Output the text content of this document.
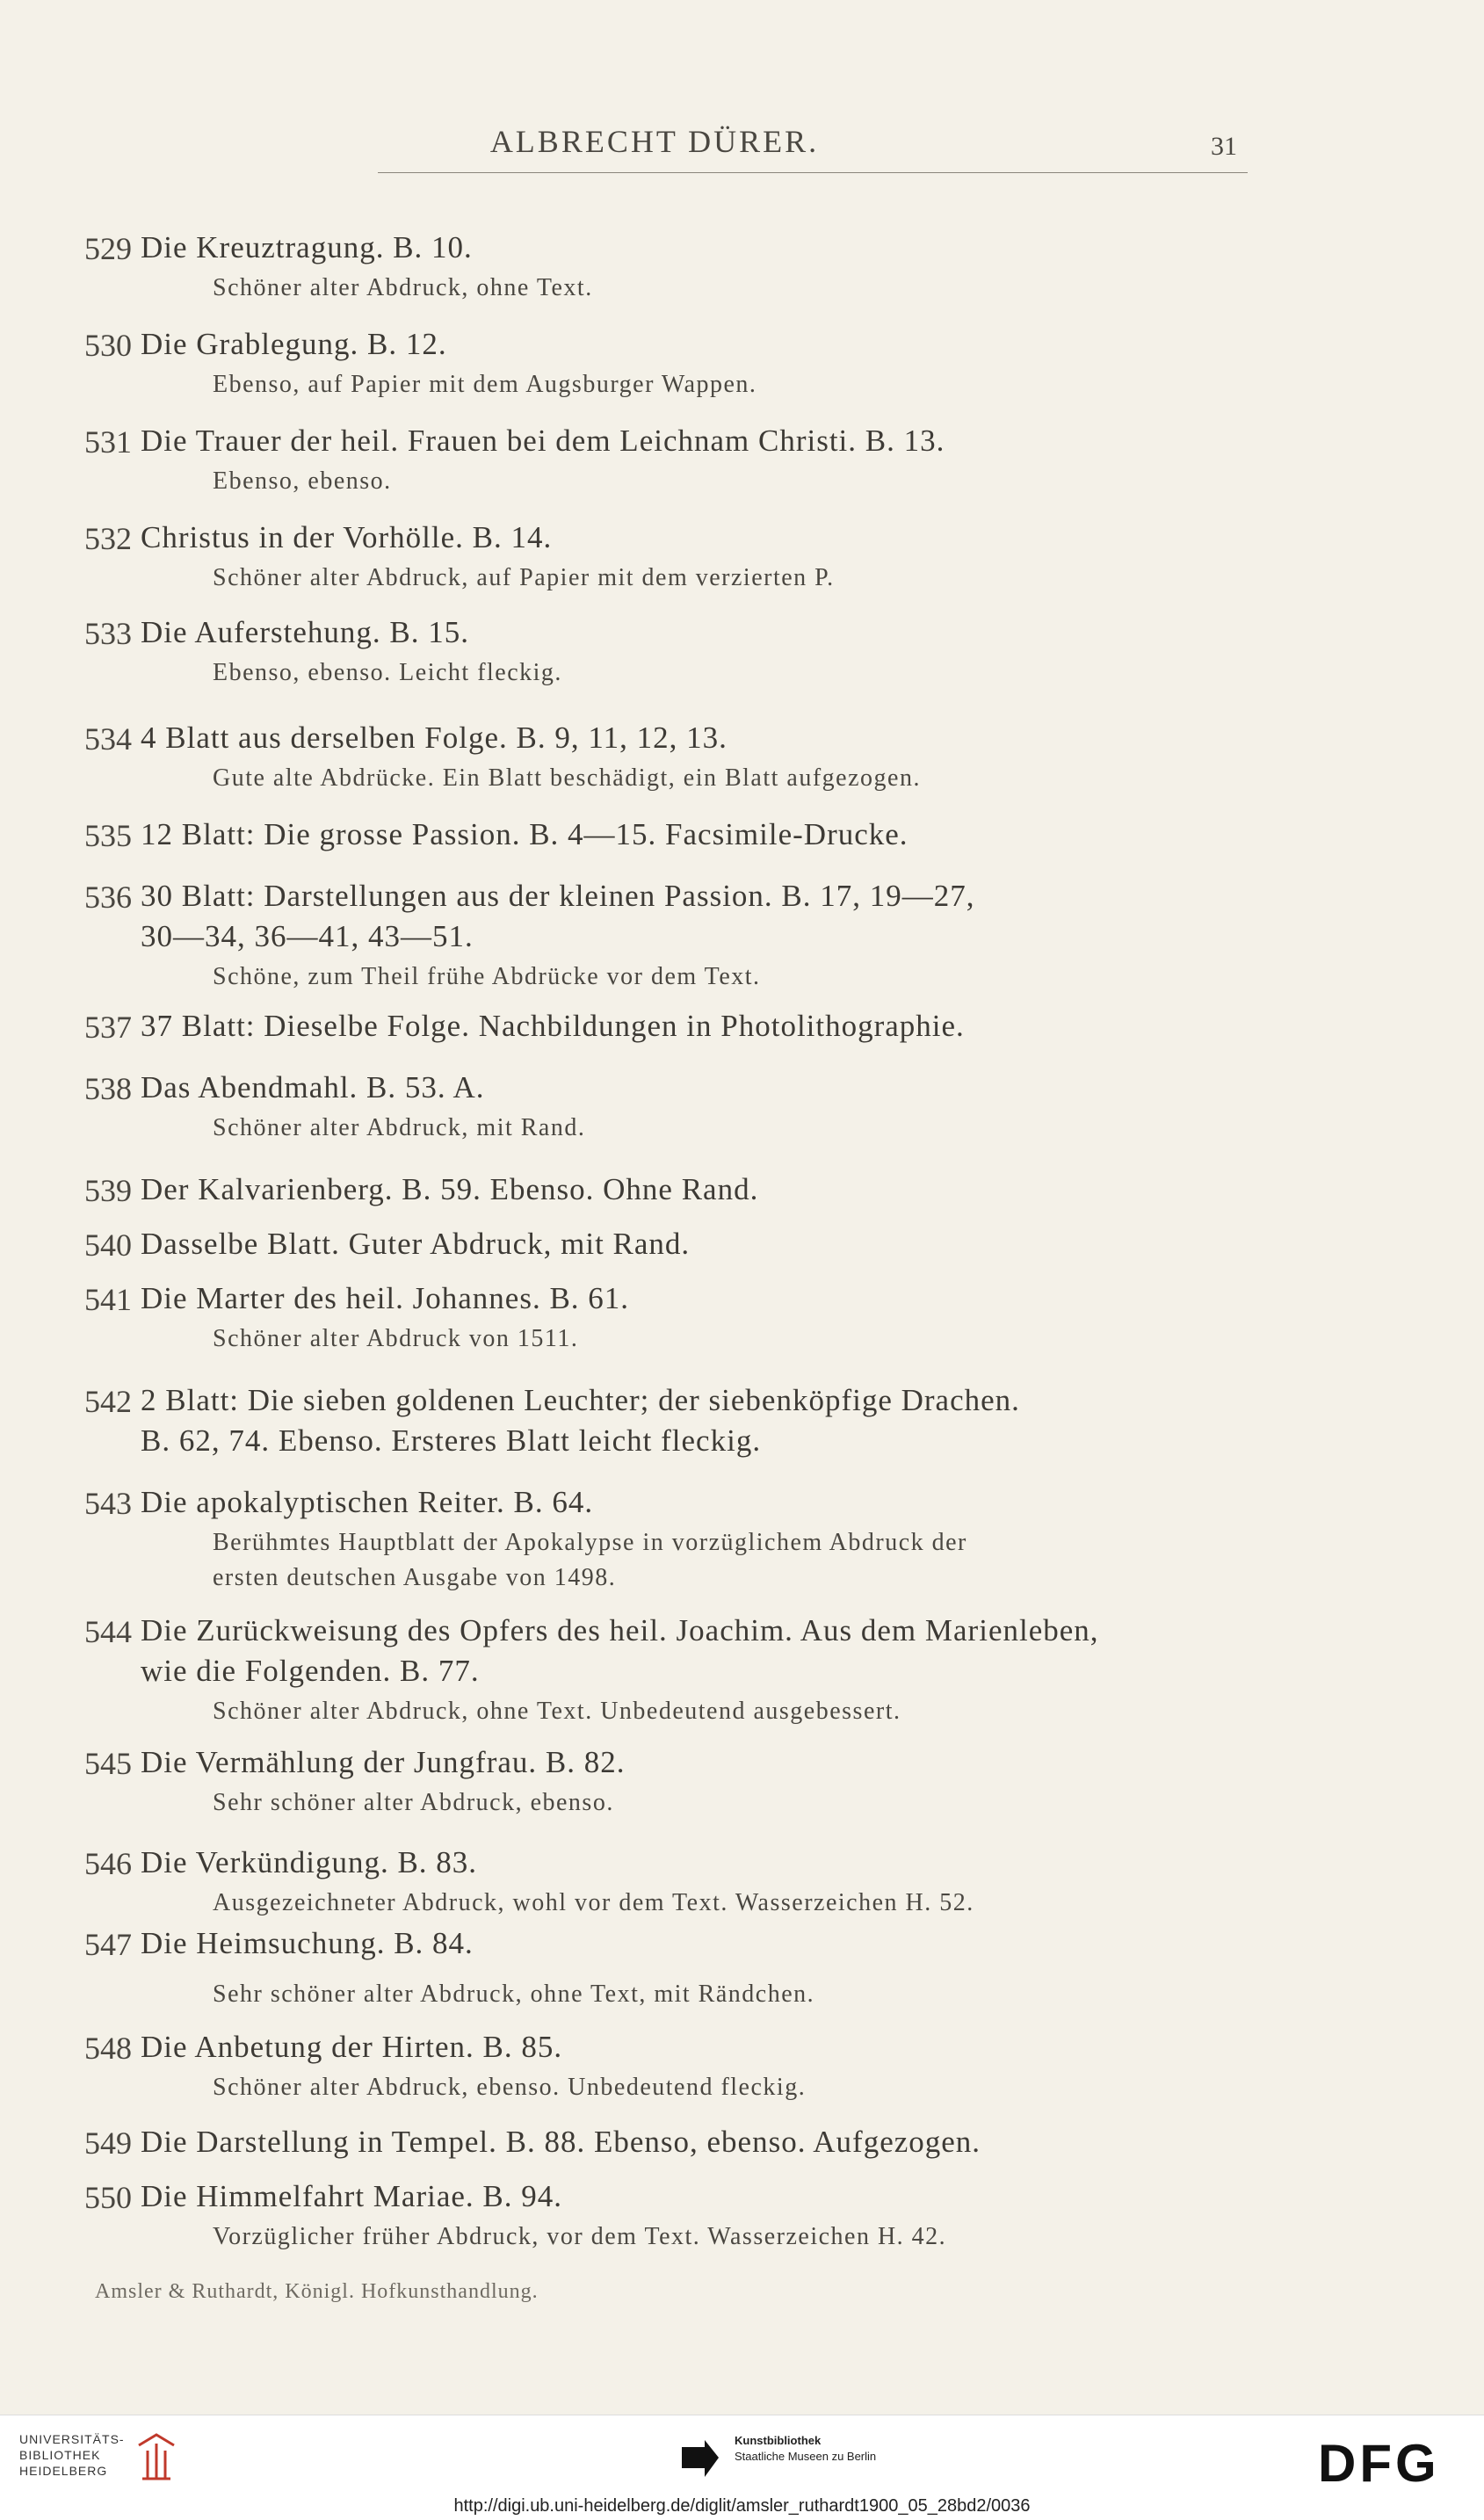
ALBRECHT DÜRER.	31
529 Die Kreuztragung. B. 10.
Schöner alter Abdruck, ohne Text.
530 Die Grablegung. B. 12.
Ebenso, auf Papier mit dem Augsburger Wappen.
531 Die Trauer der heil. Frauen bei dem Leichnam Christi. B. 13.
Ebenso, ebenso.
532 Christus in der Vorhölle. B. 14.
Schöner alter Abdruck, auf Papier mit dem verzierten P.
533 Die Auferstehung. B. 15.
Ebenso, ebenso. Leicht fleckig.
534 4 Blatt aus derselben Folge. B. 9, 11, 12, 13.
Gute alte Abdrücke. Ein Blatt beschädigt, ein Blatt aufgezogen.
535 12 Blatt: Die grosse Passion. B. 4—15. Facsimile-Drucke.
536 30 Blatt: Darstellungen aus der kleinen Passion. B. 17, 19—27,
30—34, 36—41, 43—51.
Schöne, zum Theil frühe Abdrücke vor dem Text.
537 37 Blatt: Dieselbe Folge. Nachbildungen in Photolithographie.
538 Das Abendmahl. B. 53. A.
Schöner alter Abdruck, mit Rand.
539 Der Kalvarienberg. B. 59. Ebenso. Ohne Rand.
540 Dasselbe Blatt. Guter Abdruck, mit Rand.
541 Die Marter des heil. Johannes. B. 61.
Schöner alter Abdruck von 1511.
542 2 Blatt: Die sieben goldenen Leuchter; der siebenköpfige Drachen.
B. 62, 74. Ebenso. Ersteres Blatt leicht fleckig.
543 Die apokalyptischen Reiter. B. 64.
Berühmtes Hauptblatt der Apokalypse in vorzüglichem Abdruck der
ersten deutschen Ausgabe von 1498.
544 Die Zurückweisung des Opfers des heil. Joachim. Aus dem Marienleben,
wie die Folgenden. B. 77.
Schöner alter Abdruck, ohne Text. Unbedeutend ausgebessert.
545 Die Vermählung der Jungfrau. B. 82.
Sehr schöner alter Abdruck, ebenso.
546 Die Verkündigung. B. 83.
Ausgezeichneter Abdruck, wohl vor dem Text. Wasserzeichen H. 52.
547 Die Heimsuchung. B. 84.
Sehr schöner alter Abdruck, ohne Text, mit Rändchen.
548 Die Anbetung der Hirten. B. 85.
Schöner alter Abdruck, ebenso. Unbedeutend fleckig.
549 Die Darstellung in Tempel. B. 88. Ebenso, ebenso. Aufgezogen.
550 Die Himmelfahrt Mariae. B. 94.
Vorzüglicher früher Abdruck, vor dem Text. Wasserzeichen H. 42.
Amsler & Ruthardt, Königl. Hofkunsthandlung.
UNIVERSITÄTS-
BIBLIOTHEK
HEIDELBERG
Kunstbibliothek
Staatliche Museen zu Berlin	DFG
http://digi.ub.uni-heidelberg.de/diglit/amsler_ruthardt1900_05_28bd2/0036
